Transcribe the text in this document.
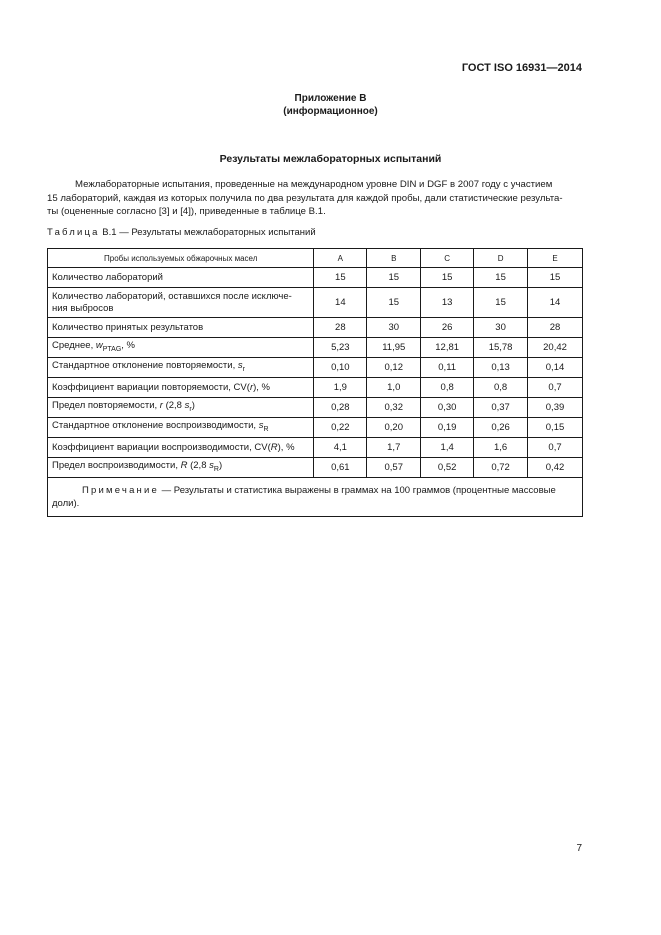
ГОСТ ISO 16931—2014
Приложение В
(информационное)
Результаты межлабораторных испытаний
Межлабораторные испытания, проведенные на международном уровне DIN и DGF в 2007 году с участием
15 лабораторий, каждая из которых получила по два результата для каждой пробы, дали статистические результа-
ты (оцененные согласно [3] и [4]), приведенные в таблице В.1.
Таблица В.1 — Результаты межлабораторных испытаний
Пробы используемых обжарочных масел	A	B	C	D	E
Количество лабораторий	15	15	15	15	15
Количество лабораторий, оставшихся после исключе-
ния выбросов	14	15	13	15	14
Количество принятых результатов	28	30	26	30	28
Среднее, $w_{PTAG}$, %	5,23	11,95	12,81	15,78	20,42
Стандартное отклонение повторяемости, $s_r$	0,10	0,12	0,11	0,13	0,14
Коэффициент вариации повторяемости, CV(r), %	1,9	1,0	0,8	0,8	0,7
Предел повторяемости, r (2,8 $s_r$)	0,28	0,32	0,30	0,37	0,39
Стандартное отклонение воспроизводимости, $s_R$	0,22	0,20	0,19	0,26	0,15
Коэффициент вариации воспроизводимости, CV(R), %	4,1	1,7	1,4	1,6	0,7
Предел воспроизводимости, R (2,8 $s_R$)	0,61	0,57	0,52	0,72	0,42
Примечание — Результаты и статистика выражены в граммах на 100 граммов (процентные массовые доли).					
7
